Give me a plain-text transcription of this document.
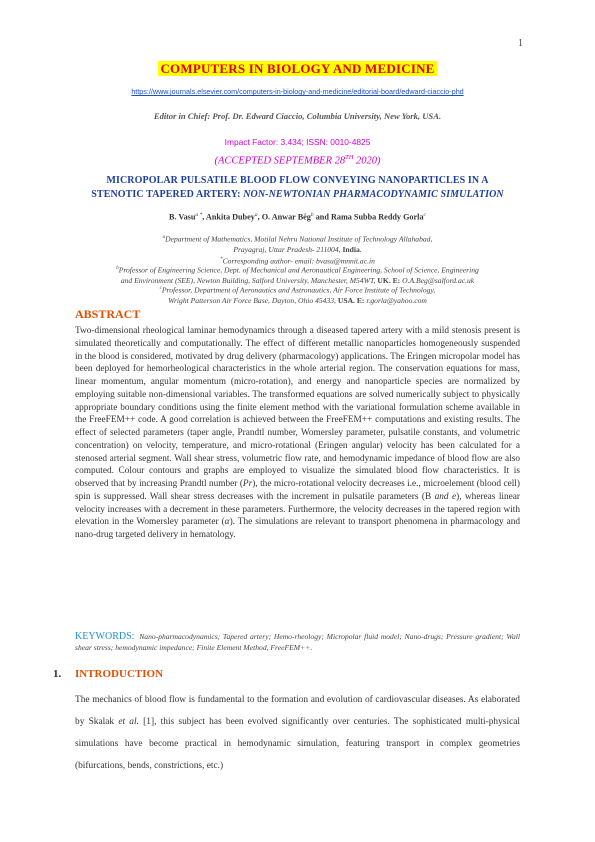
1
COMPUTERS IN BIOLOGY AND MEDICINE
https://www.journals.elsevier.com/computers-in-biology-and-medicine/editorial-board/edward-ciaccio-phd
Editor in Chief: Prof. Dr. Edward Ciaccio, Columbia University, New York, USA.
Impact Factor: 3.434; ISSN: 0010-4825
(ACCEPTED SEPTEMBER 28TH 2020)
MICROPOLAR PULSATILE BLOOD FLOW CONVEYING NANOPARTICLES IN A
STENOTIC TAPERED ARTERY: NON-NEWTONIAN PHARMACODYNAMIC SIMULATION
B. Vasu$^{a *}$, Ankita Dubey$^a$, O. Anwar Bég$^b$ and Rama Subba Reddy Gorla$^c$
$^a$Department of Mathematics, Motilal Nehru National Institute of Technology Allahabad,
Prayagraj, Uttar Pradesh- 211004, India.
*Corresponding author- email: bvasu@mnnit.ac.in
$^b$Professor of Engineering Science, Dept. of Mechanical and Aeronautical Engineering, School of Science, Engineering
and Environment (SEE), Newton Building, Salford University, Manchester, M54WT, UK. E: O.A.Beg@salford.ac.uk
$^c$Professor, Department of Aeronautics and Astronautics, Air Force Institute of Technology,
Wright Patterson Air Force Base, Dayton, Ohio 45433, USA. E: r.gorla@yahoo.com
ABSTRACT
Two-dimensional rheological laminar hemodynamics through a diseased tapered artery with a mild stenosis present is simulated theoretically and computationally. The effect of different metallic nanoparticles homogeneously suspended in the blood is considered, motivated by drug delivery (pharmacology) applications. The Eringen micropolar model has been deployed for hemorheological characteristics in the whole arterial region. The conservation equations for mass, linear momentum, angular momentum (micro-rotation), and energy and nanoparticle species are normalized by employing suitable non-dimensional variables. The transformed equations are solved numerically subject to physically appropriate boundary conditions using the finite element method with the variational formulation scheme available in the FreeFEM++ code. A good correlation is achieved between the FreeFEM++ computations and existing results. The effect of selected parameters (taper angle, Prandtl number, Womersley parameter, pulsatile constants, and volumetric concentration) on velocity, temperature, and micro-rotational (Eringen angular) velocity has been calculated for a stenosed arterial segment. Wall shear stress, volumetric flow rate, and hemodynamic impedance of blood flow are also computed. Colour contours and graphs are employed to visualize the simulated blood flow characteristics. It is observed that by increasing Prandtl number (Pr), the micro-rotational velocity decreases i.e., microelement (blood cell) spin is suppressed. Wall shear stress decreases with the increment in pulsatile parameters (B and e), whereas linear velocity increases with a decrement in these parameters. Furthermore, the velocity decreases in the tapered region with elevation in the Womersley parameter (α). The simulations are relevant to transport phenomena in pharmacology and nano-drug targeted delivery in hematology.
KEYWORDS: Nano-pharmacodynamics; Tapered artery; Hemo-rheology; Micropolar fluid model; Nano-drugs; Pressure gradient; Wall shear stress; hemodynamic impedance; Finite Element Method, FreeFEM++.
1. INTRODUCTION
The mechanics of blood flow is fundamental to the formation and evolution of cardiovascular diseases. As elaborated by Skalak et al. [1], this subject has been evolved significantly over centuries. The sophisticated multi-physical simulations have become practical in hemodynamic simulation, featuring transport in complex geometries (bifurcations, bends, constrictions, etc.)
